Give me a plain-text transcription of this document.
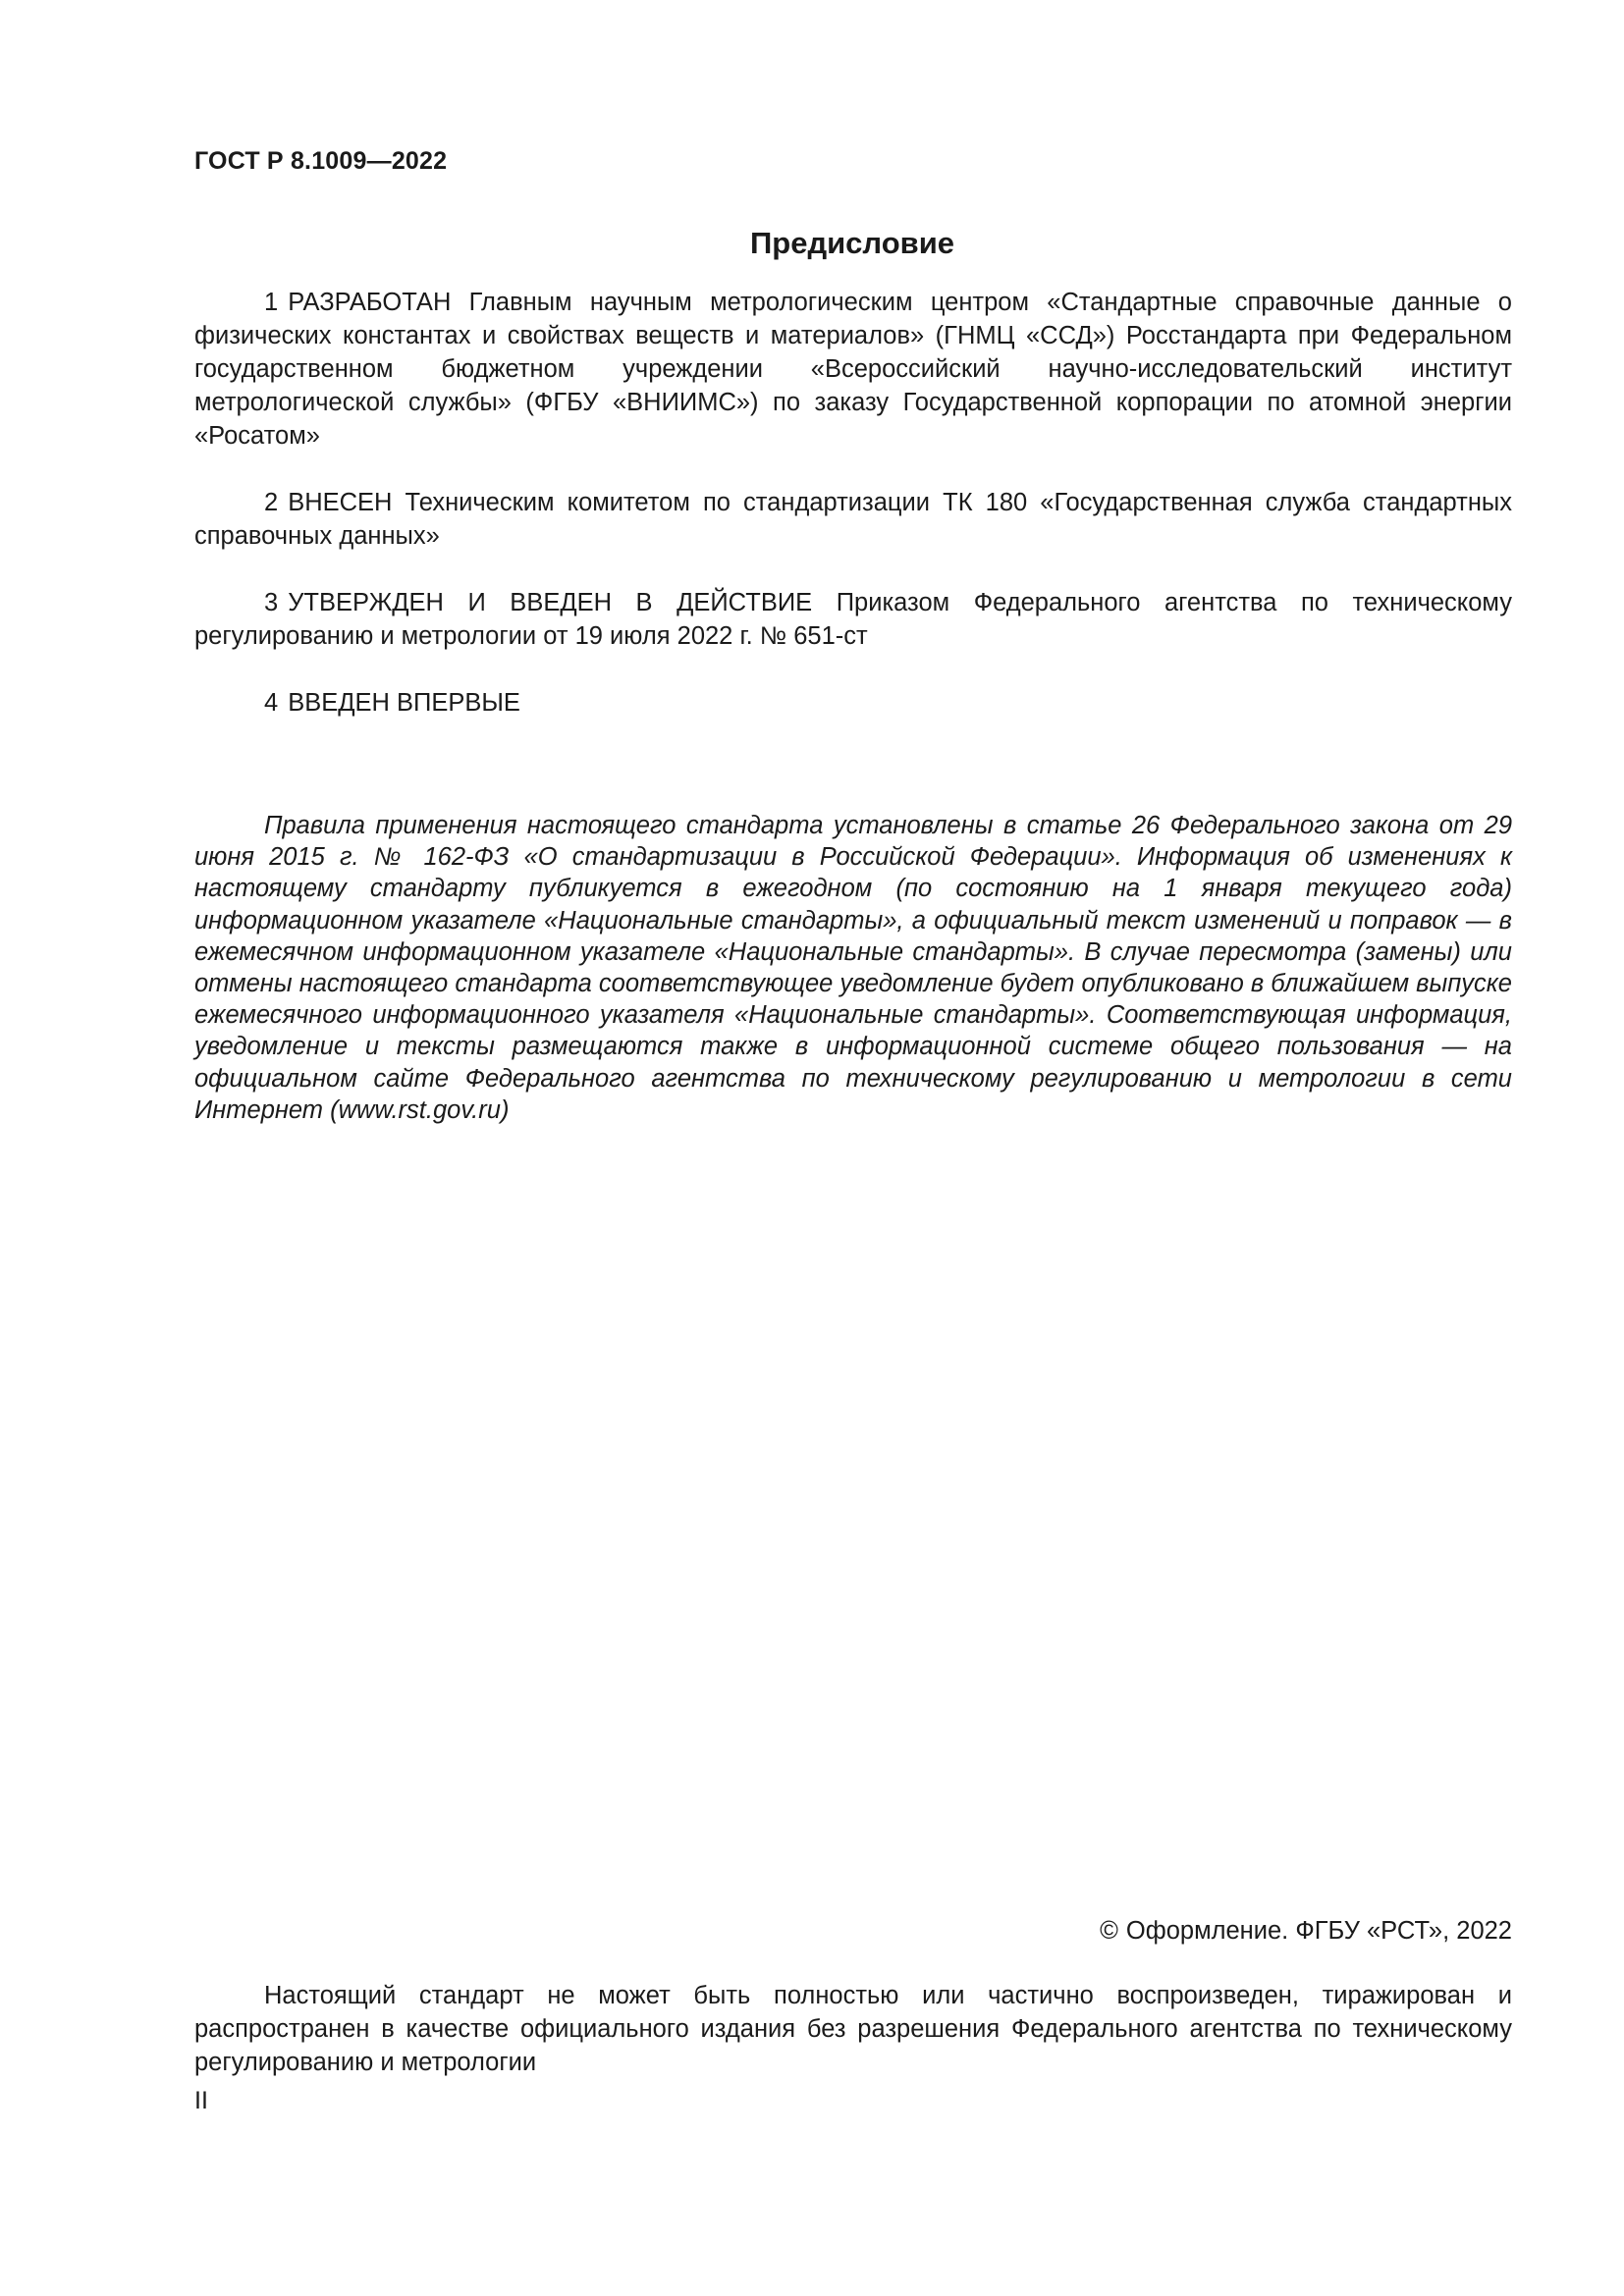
ГОСТ Р 8.1009—2022

Предисловие

1 РАЗРАБОТАН Главным научным метрологическим центром «Стандартные справочные данные о физических константах и свойствах веществ и материалов» (ГНМЦ «ССД») Росстандарта при Федеральном государственном бюджетном учреждении «Всероссийский научно-исследовательский институт метрологической службы» (ФГБУ «ВНИИМС») по заказу Государственной корпорации по атомной энергии «Росатом»

2 ВНЕСЕН Техническим комитетом по стандартизации ТК 180 «Государственная служба стандартных справочных данных»

3 УТВЕРЖДЕН И ВВЕДЕН В ДЕЙСТВИЕ Приказом Федерального агентства по техническому регулированию и метрологии от 19 июля 2022 г. № 651-ст

4 ВВЕДЕН ВПЕРВЫЕ

Правила применения настоящего стандарта установлены в статье 26 Федерального закона от 29 июня 2015 г. № 162-ФЗ «О стандартизации в Российской Федерации». Информация об изменениях к настоящему стандарту публикуется в ежегодном (по состоянию на 1 января текущего года) информационном указателе «Национальные стандарты», а официальный текст изменений и поправок — в ежемесячном информационном указателе «Национальные стандарты». В случае пересмотра (замены) или отмены настоящего стандарта соответствующее уведомление будет опубликовано в ближайшем выпуске ежемесячного информационного указателя «Национальные стандарты». Соответствующая информация, уведомление и тексты размещаются также в информационной системе общего пользования — на официальном сайте Федерального агентства по техническому регулированию и метрологии в сети Интернет (www.rst.gov.ru)

© Оформление. ФГБУ «РСТ», 2022

Настоящий стандарт не может быть полностью или частично воспроизведен, тиражирован и распространен в качестве официального издания без разрешения Федерального агентства по техническому регулированию и метрологии

II
